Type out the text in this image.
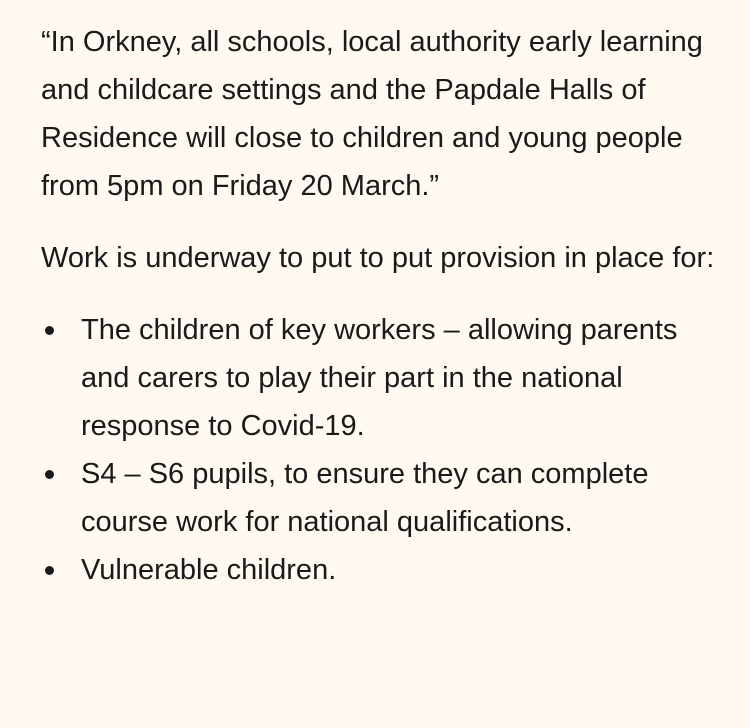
“In Orkney, all schools, local authority early learning and childcare settings and the Papdale Halls of Residence will close to children and young people from 5pm on Friday 20 March.”

Work is underway to put to put provision in place for:

The children of key workers – allowing parents and carers to play their part in the national response to Covid-19.
S4 – S6 pupils, to ensure they can complete course work for national qualifications.
Vulnerable children.
